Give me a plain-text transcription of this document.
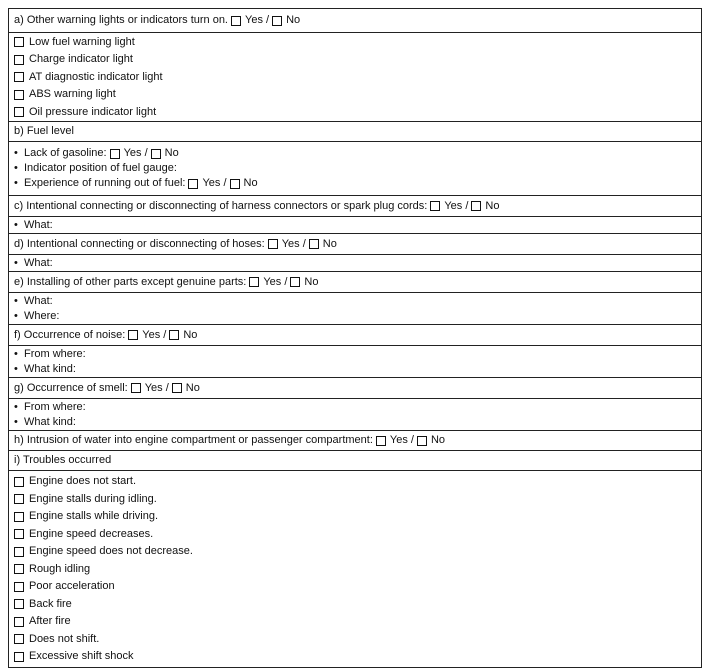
a) Other warning lights or indicators turn on. Yes / No
Low fuel warning light
Charge indicator light
AT diagnostic indicator light
ABS warning light
Oil pressure indicator light
b) Fuel level
• Lack of gasoline: Yes / No
• Indicator position of fuel gauge:
• Experience of running out of fuel: Yes / No
c) Intentional connecting or disconnecting of harness connectors or spark plug cords: Yes / No
• What:
d) Intentional connecting or disconnecting of hoses: Yes / No
• What:
e) Installing of other parts except genuine parts: Yes / No
• What:
• Where:
f) Occurrence of noise: Yes / No
• From where:
• What kind:
g) Occurrence of smell: Yes / No
• From where:
• What kind:
h) Intrusion of water into engine compartment or passenger compartment: Yes / No
i) Troubles occurred
Engine does not start.
Engine stalls during idling.
Engine stalls while driving.
Engine speed decreases.
Engine speed does not decrease.
Rough idling
Poor acceleration
Back fire
After fire
Does not shift.
Excessive shift shock
